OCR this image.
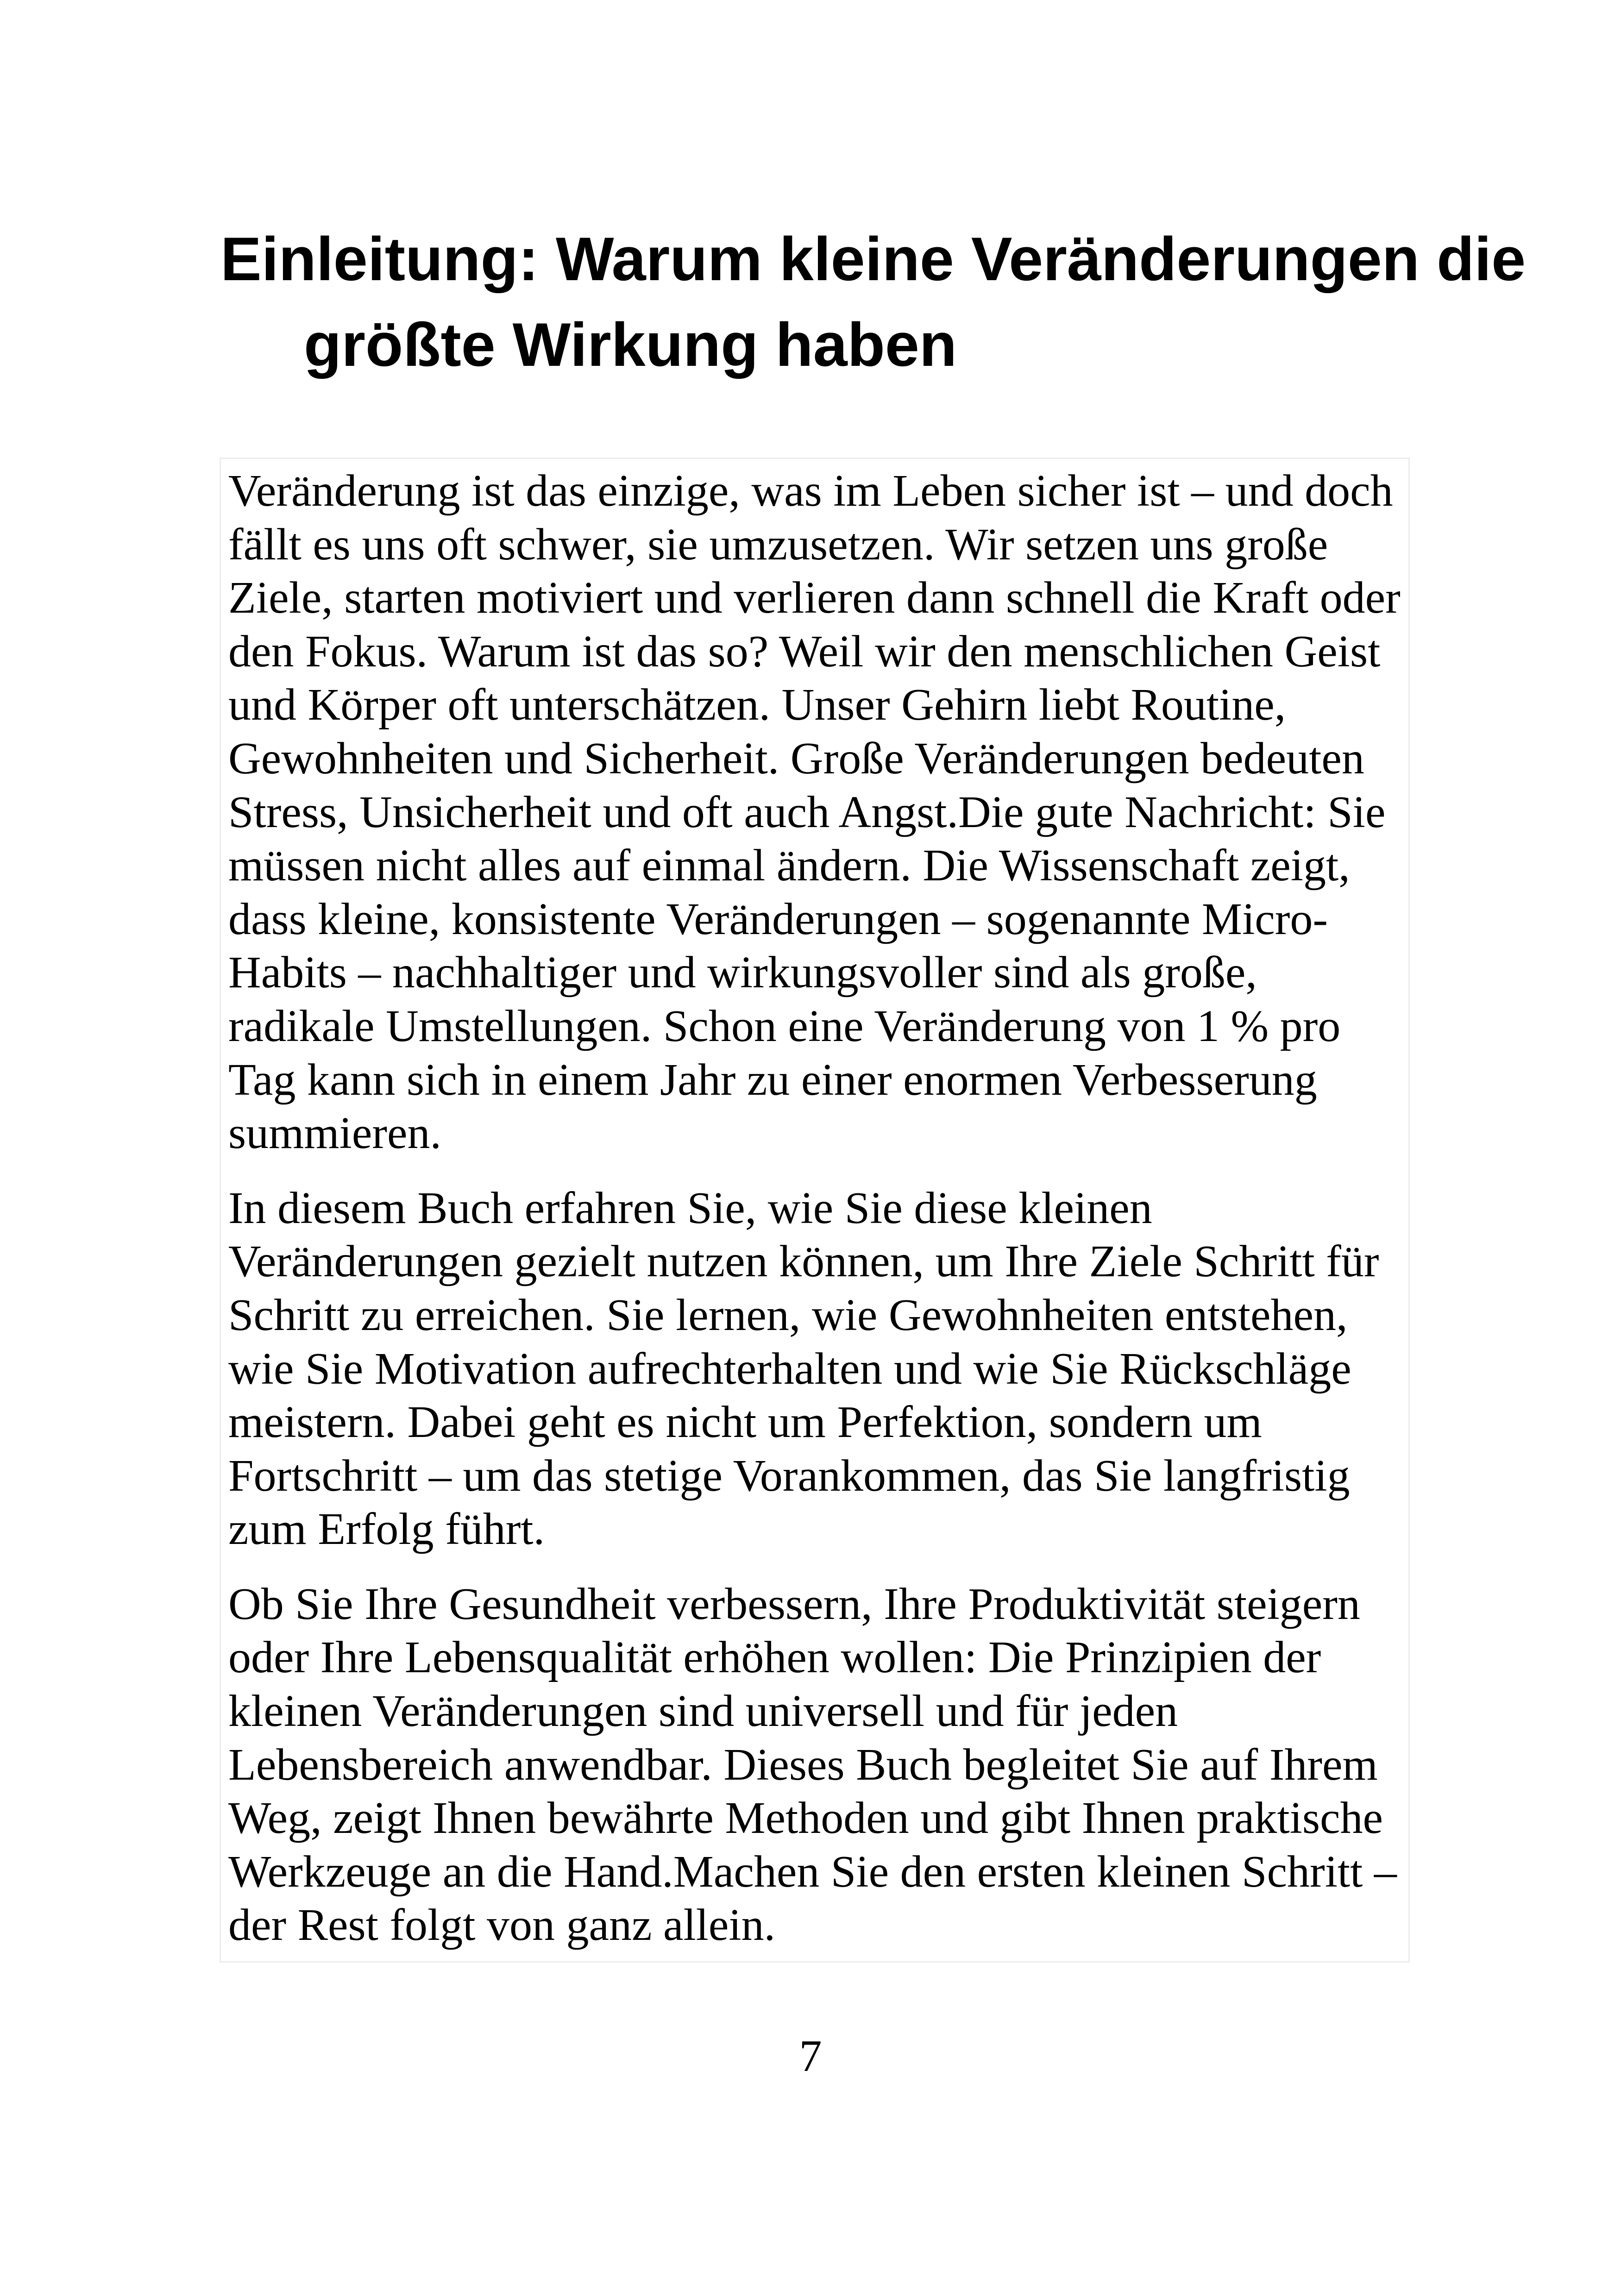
Einleitung: Warum kleine Veränderungen die größte Wirkung haben

Veränderung ist das einzige, was im Leben sicher ist – und doch fällt es uns oft schwer, sie umzusetzen. Wir setzen uns große Ziele, starten motiviert und verlieren dann schnell die Kraft oder den Fokus. Warum ist das so? Weil wir den menschlichen Geist und Körper oft unterschätzen. Unser Gehirn liebt Routine, Gewohnheiten und Sicherheit. Große Veränderungen bedeuten Stress, Unsicherheit und oft auch Angst.Die gute Nachricht: Sie müssen nicht alles auf einmal ändern. Die Wissenschaft zeigt, dass kleine, konsistente Veränderungen – sogenannte Micro-Habits – nachhaltiger und wirkungsvoller sind als große, radikale Umstellungen. Schon eine Veränderung von 1 % pro Tag kann sich in einem Jahr zu einer enormen Verbesserung summieren.

In diesem Buch erfahren Sie, wie Sie diese kleinen Veränderungen gezielt nutzen können, um Ihre Ziele Schritt für Schritt zu erreichen. Sie lernen, wie Gewohnheiten entstehen, wie Sie Motivation aufrechterhalten und wie Sie Rückschläge meistern. Dabei geht es nicht um Perfektion, sondern um Fortschritt – um das stetige Vorankommen, das Sie langfristig zum Erfolg führt.

Ob Sie Ihre Gesundheit verbessern, Ihre Produktivität steigern oder Ihre Lebensqualität erhöhen wollen: Die Prinzipien der kleinen Veränderungen sind universell und für jeden Lebensbereich anwendbar. Dieses Buch begleitet Sie auf Ihrem Weg, zeigt Ihnen bewährte Methoden und gibt Ihnen praktische Werkzeuge an die Hand.Machen Sie den ersten kleinen Schritt – der Rest folgt von ganz allein.

7
